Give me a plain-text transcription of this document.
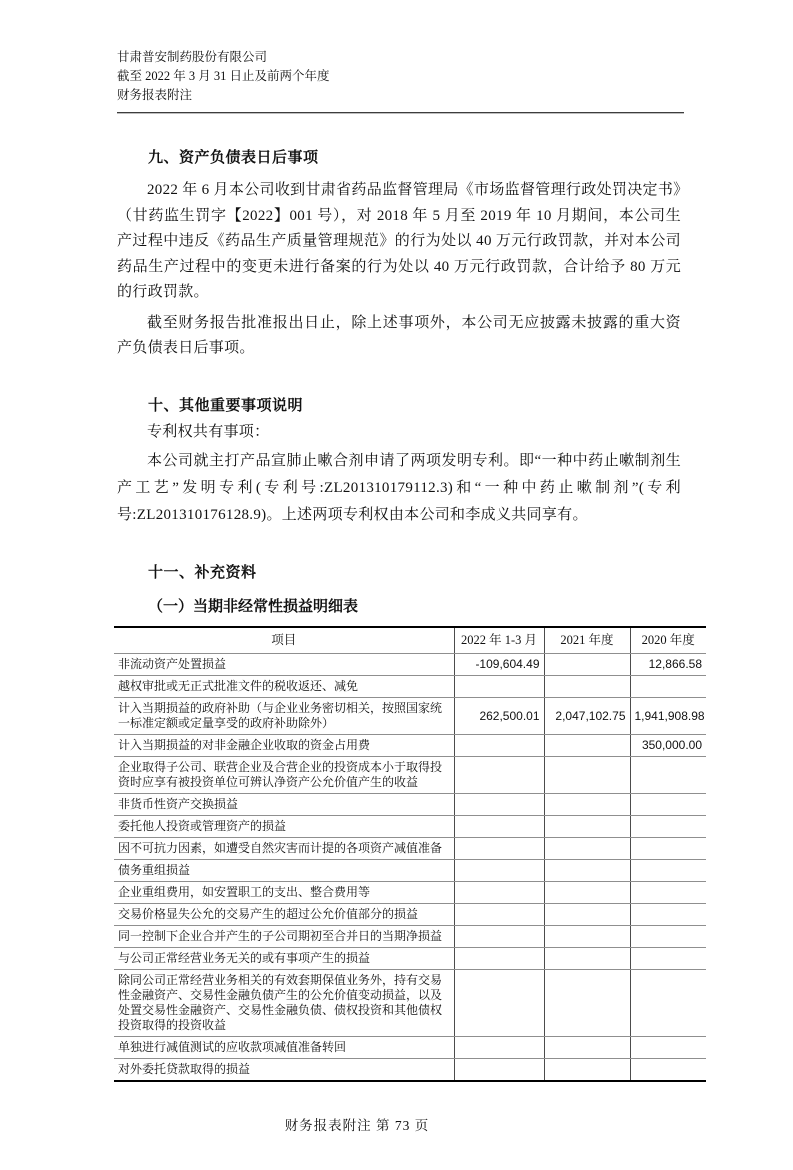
甘肃普安制药股份有限公司
截至 2022 年 3 月 31 日止及前两个年度
财务报表附注
九、资产负债表日后事项

2022 年 6 月本公司收到甘肃省药品监督管理局《市场监督管理行政处罚决定书》（甘药监生罚字【2022】001 号），对 2018 年 5 月至 2019 年 10 月期间，本公司生产过程中违反《药品生产质量管理规范》的行为处以 40 万元行政罚款，并对本公司药品生产过程中的变更未进行备案的行为处以 40 万元行政罚款，合计给予 80 万元的行政罚款。

截至财务报告批准报出日止，除上述事项外，本公司无应披露未披露的重大资产负债表日后事项。

十、其他重要事项说明

专利权共有事项：

本公司就主打产品宣肺止嗽合剂申请了两项发明专利。即“一种中药止嗽制剂生产工艺”发明专利(专利号:ZL201310179112.3)和“一种中药止嗽制剂”(专利号:ZL201310176128.9)。上述两项专利权由本公司和李成义共同享有。

十一、补充资料
（一）当期非经常性损益明细表
项目	2022 年 1-3 月	2021 年度	2020 年度
非流动资产处置损益	-109,604.49		12,866.58
越权审批或无正式批准文件的税收返还、减免			
计入当期损益的政府补助（与企业业务密切相关，按照国家统一标准定额或定量享受的政府补助除外）	262,500.01	2,047,102.75	1,941,908.98
计入当期损益的对非金融企业收取的资金占用费			350,000.00
企业取得子公司、联营企业及合营企业的投资成本小于取得投资时应享有被投资单位可辨认净资产公允价值产生的收益			
非货币性资产交换损益			
委托他人投资或管理资产的损益			
因不可抗力因素，如遭受自然灾害而计提的各项资产减值准备			
债务重组损益			
企业重组费用，如安置职工的支出、整合费用等			
交易价格显失公允的交易产生的超过公允价值部分的损益			
同一控制下企业合并产生的子公司期初至合并日的当期净损益			
与公司正常经营业务无关的或有事项产生的损益			
除同公司正常经营业务相关的有效套期保值业务外，持有交易性金融资产、交易性金融负债产生的公允价值变动损益，以及处置交易性金融资产、交易性金融负债、债权投资和其他债权投资取得的投资收益			
单独进行减值测试的应收款项减值准备转回			
对外委托贷款取得的损益			
财务报表附注 第 73 页
